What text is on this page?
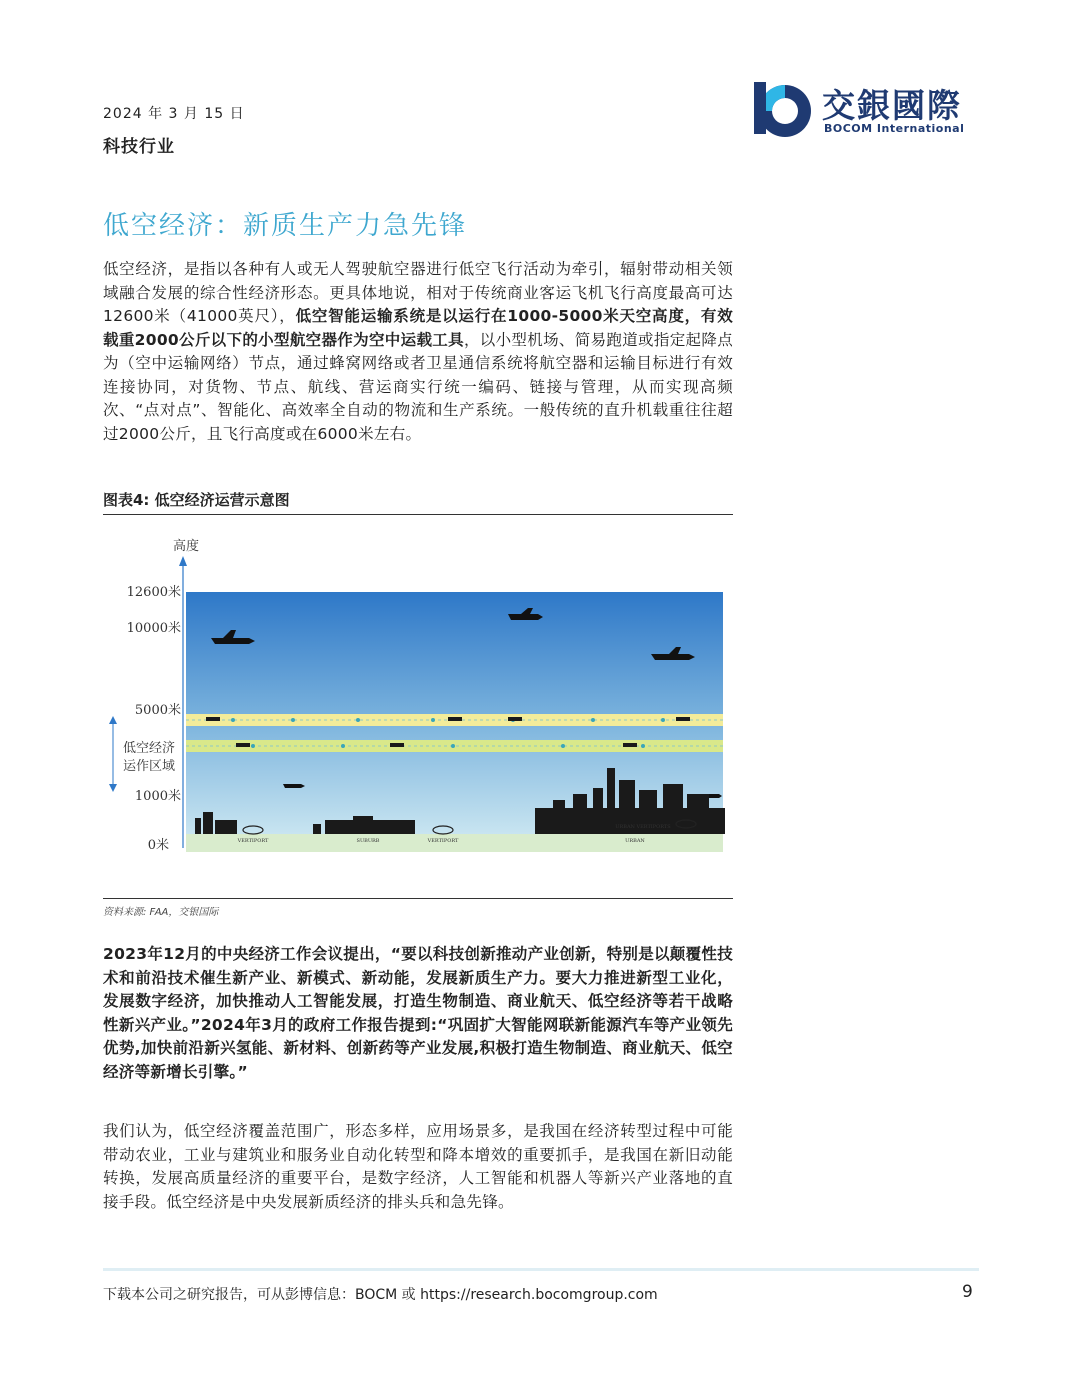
2024 年 3 月 15 日
科技行业
交銀國際
BOCOM International
低空经济：新质生产力急先锋
低空经济，是指以各种有人或无人驾驶航空器进行低空飞行活动为牵引，辐射带动相关领域融合发展的综合性经济形态。更具体地说，相对于传统商业客运飞机飞行高度最高可达12600米（41000英尺），低空智能运输系统是以运行在1000-5000米天空高度，有效载重2000公斤以下的小型航空器作为空中运载工具，以小型机场、简易跑道或指定起降点为（空中运输网络）节点，通过蜂窝网络或者卫星通信系统将航空器和运输目标进行有效连接协同，对货物、节点、航线、营运商实行统一编码、链接与管理，从而实现高频次、“点对点”、智能化、高效率全自动的物流和生产系统。一般传统的直升机载重往往超过2000公斤，且飞行高度或在6000米左右。
图表4: 低空经济运营示意图
VERTIPORT	SUBURB	VERTIPORT
URBAN VERTIPORTS
URBAN
高度
12600米
10000米
5000米
1000米
0米
低空经济
运作区域
资料来源: FAA，交银国际
2023年12月的中央经济工作会议提出，“要以科技创新推动产业创新，特别是以颠覆性技术和前沿技术催生新产业、新模式、新动能，发展新质生产力。要大力推进新型工业化，发展数字经济，加快推动人工智能发展，打造生物制造、商业航天、低空经济等若干战略性新兴产业。”2024年3月的政府工作报告提到:“巩固扩大智能网联新能源汽车等产业领先优势,加快前沿新兴氢能、新材料、创新药等产业发展,积极打造生物制造、商业航天、低空经济等新增长引擎。”
我们认为，低空经济覆盖范围广，形态多样，应用场景多，是我国在经济转型过程中可能带动农业，工业与建筑业和服务业自动化转型和降本增效的重要抓手，是我国在新旧动能转换，发展高质量经济的重要平台，是数字经济，人工智能和机器人等新兴产业落地的直接手段。低空经济是中央发展新质经济的排头兵和急先锋。
下载本公司之研究报告，可从彭博信息：BOCM 或 https://research.bocomgroup.com	9
